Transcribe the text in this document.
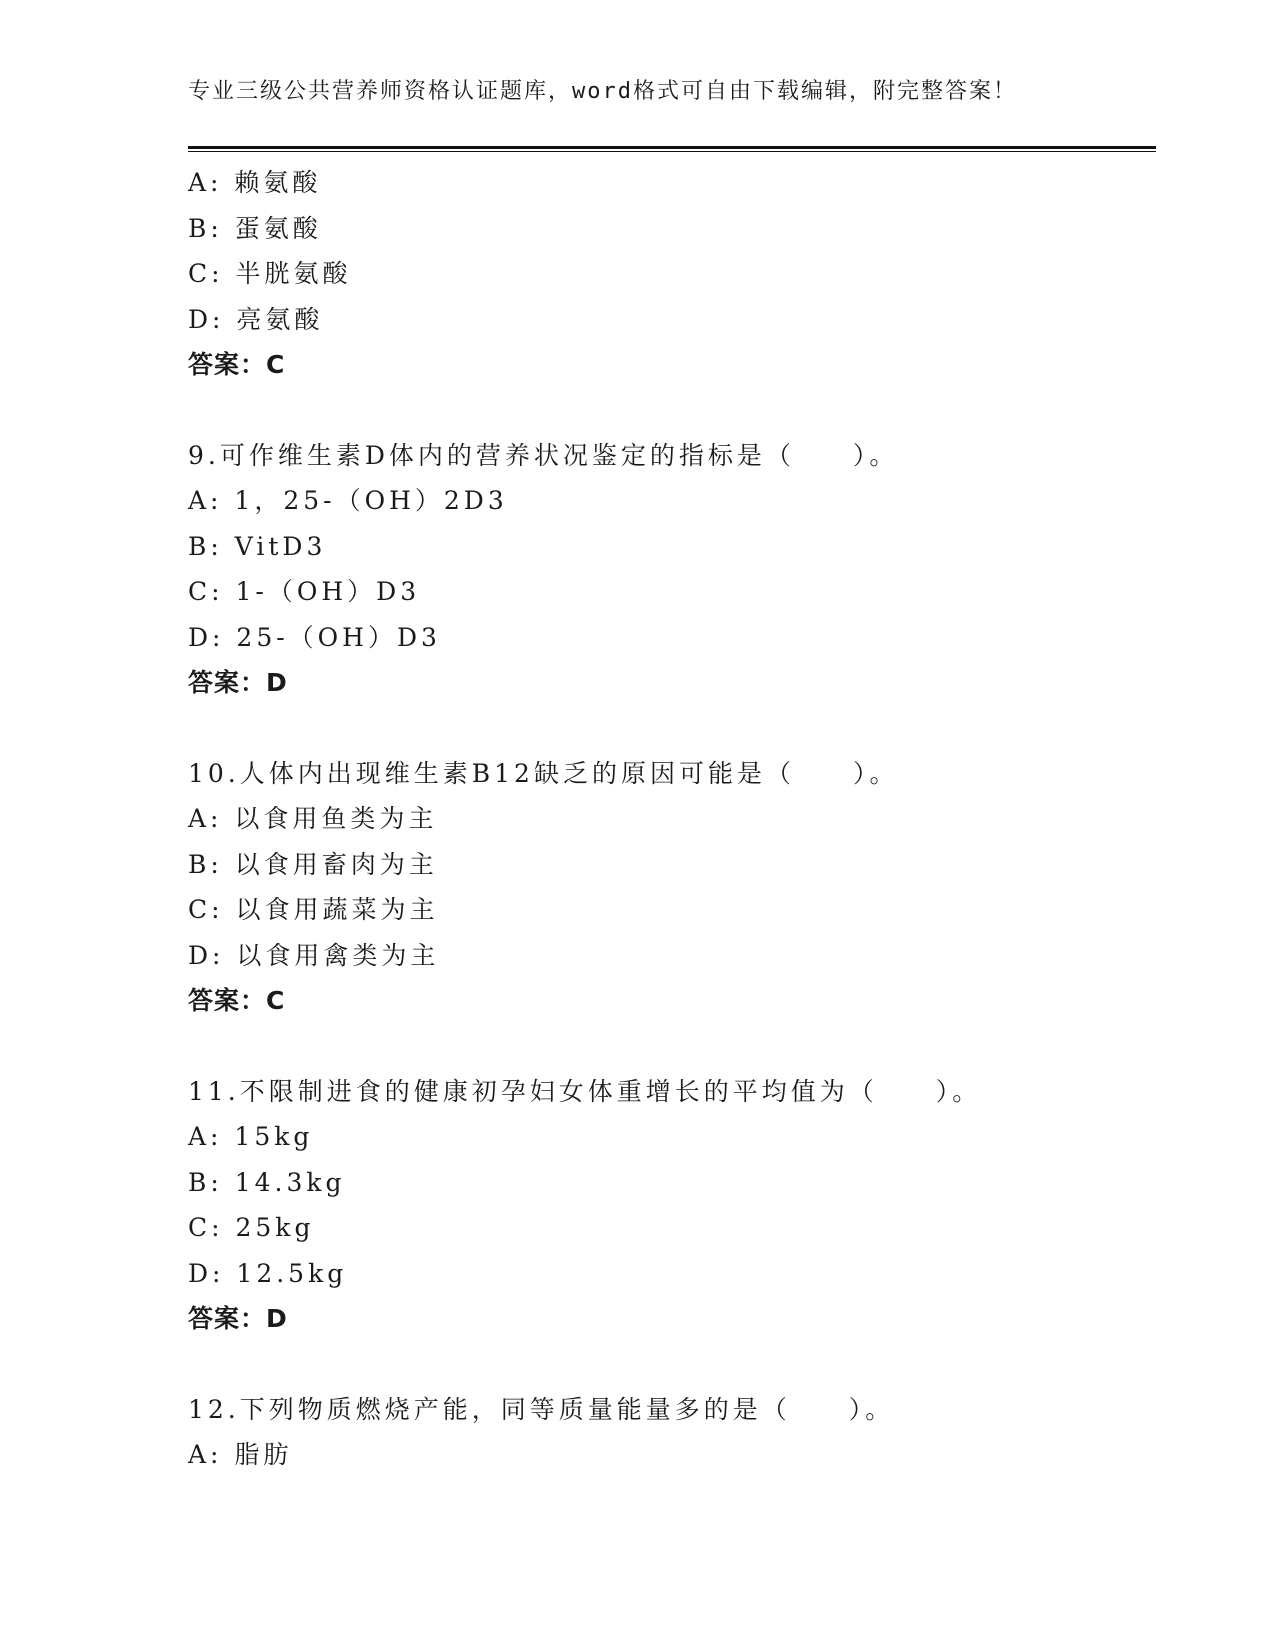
专业三级公共营养师资格认证题库，word格式可自由下载编辑，附完整答案！
A: 赖氨酸
B: 蛋氨酸
C: 半胱氨酸
D: 亮氨酸
答案：C
9.可作维生素D体内的营养状况鉴定的指标是（　　）。
A: 1，25-（OH）2D3
B: VitD3
C: 1-（OH）D3
D: 25-（OH）D3
答案：D
10.人体内出现维生素B12缺乏的原因可能是（　　）。
A: 以食用鱼类为主
B: 以食用畜肉为主
C: 以食用蔬菜为主
D: 以食用禽类为主
答案：C
11.不限制进食的健康初孕妇女体重增长的平均值为（　　）。
A: 15kg
B: 14.3kg
C: 25kg
D: 12.5kg
答案：D
12.下列物质燃烧产能，同等质量能量多的是（　　）。
A: 脂肪
